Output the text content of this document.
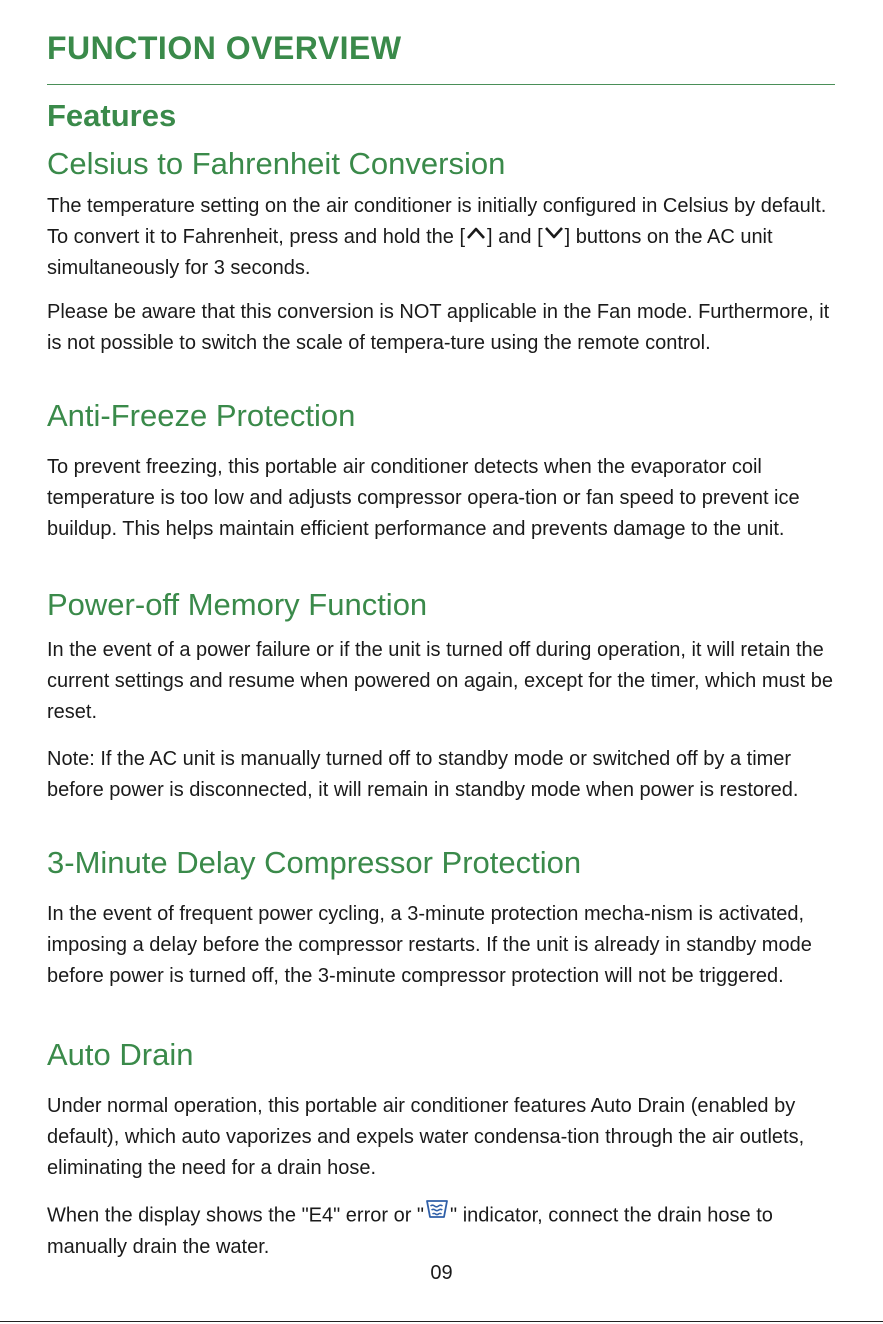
FUNCTION OVERVIEW
Features
Celsius to Fahrenheit Conversion

The temperature setting on the air conditioner is initially configured in Celsius by default. To convert it to Fahrenheit, press and hold the [ ] and [ ] buttons on the AC unit simultaneously for 3 seconds.

Please be aware that this conversion is NOT applicable in the Fan mode. Furthermore, it is not possible to switch the scale of tempera-ture using the remote control.

Anti-Freeze Protection

To prevent freezing, this portable air conditioner detects when the evaporator coil temperature is too low and adjusts compressor opera-tion or fan speed to prevent ice buildup. This helps maintain efficient performance and prevents damage to the unit.

Power-off Memory Function

In the event of a power failure or if the unit is turned off during operation, it will retain the current settings and resume when powered on again, except for the timer, which must be reset.

Note: If the AC unit is manually turned off to standby mode or switched off by a timer before power is disconnected, it will remain in standby mode when power is restored.

3-Minute Delay Compressor Protection

In the event of frequent power cycling, a 3-minute protection mecha-nism is activated, imposing a delay before the compressor restarts. If the unit is already in standby mode before power is turned off, the 3-minute compressor protection will not be triggered.

Auto Drain

Under normal operation, this portable air conditioner features Auto Drain (enabled by default), which auto vaporizes and expels water condensa-tion through the air outlets, eliminating the need for a drain hose.

When the display shows the "E4" error or " " indicator, connect the drain hose to manually drain the water.

09
